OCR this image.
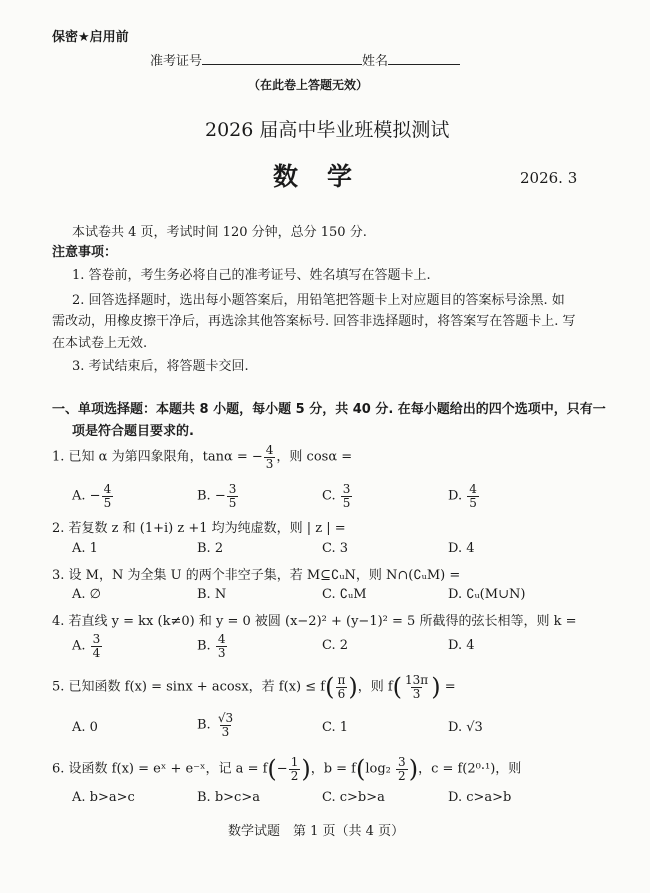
保密★启用前
准考证号	姓名
（在此卷上答题无效）
2026 届高中毕业班模拟测试
数　学	2026. 3
本试卷共 4 页，考试时间 120 分钟，总分 150 分.
注意事项：
1. 答卷前，考生务必将自己的准考证号、姓名填写在答题卡上.
2. 回答选择题时，选出每小题答案后，用铅笔把答题卡上对应题目的答案标号涂黑. 如
需改动，用橡皮擦干净后，再选涂其他答案标号. 回答非选择题时，将答案写在答题卡上. 写
在本试卷上无效.
3. 考试结束后，将答题卡交回.
一、单项选择题：本题共 8 小题，每小题 5 分，共 40 分. 在每小题给出的四个选项中，只有一
项是符合题目要求的.
1. 已知 α 为第四象限角，tanα = − $\frac{4}{3}$ ，则 cosα =
A. − $\frac{4}{5}$	B. − $\frac{3}{5}$	C. $\frac{3}{5}$	D. $\frac{4}{5}$
2. 若复数 z 和 (1+i) z +1 均为纯虚数，则 | z | =
A. 1	B. 2	C. 3	D. 4
3. 设 M，N 为全集 U 的两个非空子集，若 M⊆∁ᵤN，则 N∩(∁ᵤM) =
A. ∅	B. N	C. ∁ᵤM	D. ∁ᵤ(M∪N)
4. 若直线 y = kx (k≠0) 和 y = 0 被圆 (x−2)² + (y−1)² = 5 所截得的弦长相等，则 k =
A. $\frac{3}{4}$	B. $\frac{4}{3}$	C. 2	D. 4
5. 已知函数 f(x) = sinx + acosx，若 $f(x) \le f( \frac{\pi}{6}$ )，则 $f( \frac{13\pi}{3}$ ) =
A. 0	B. $\frac{√3}{3}$	C. 1	D. √3
6. 设函数 f(x) = eˣ + e⁻ˣ，记 $a = f(- \frac{1}{2}$ )，$b = f(\log_2 \frac{3}{2}$ )，c = f(2⁰·¹)，则
A. b>a>c	B. b>c>a	C. c>b>a	D. c>a>b
数学试题　第 1 页（共 4 页）
